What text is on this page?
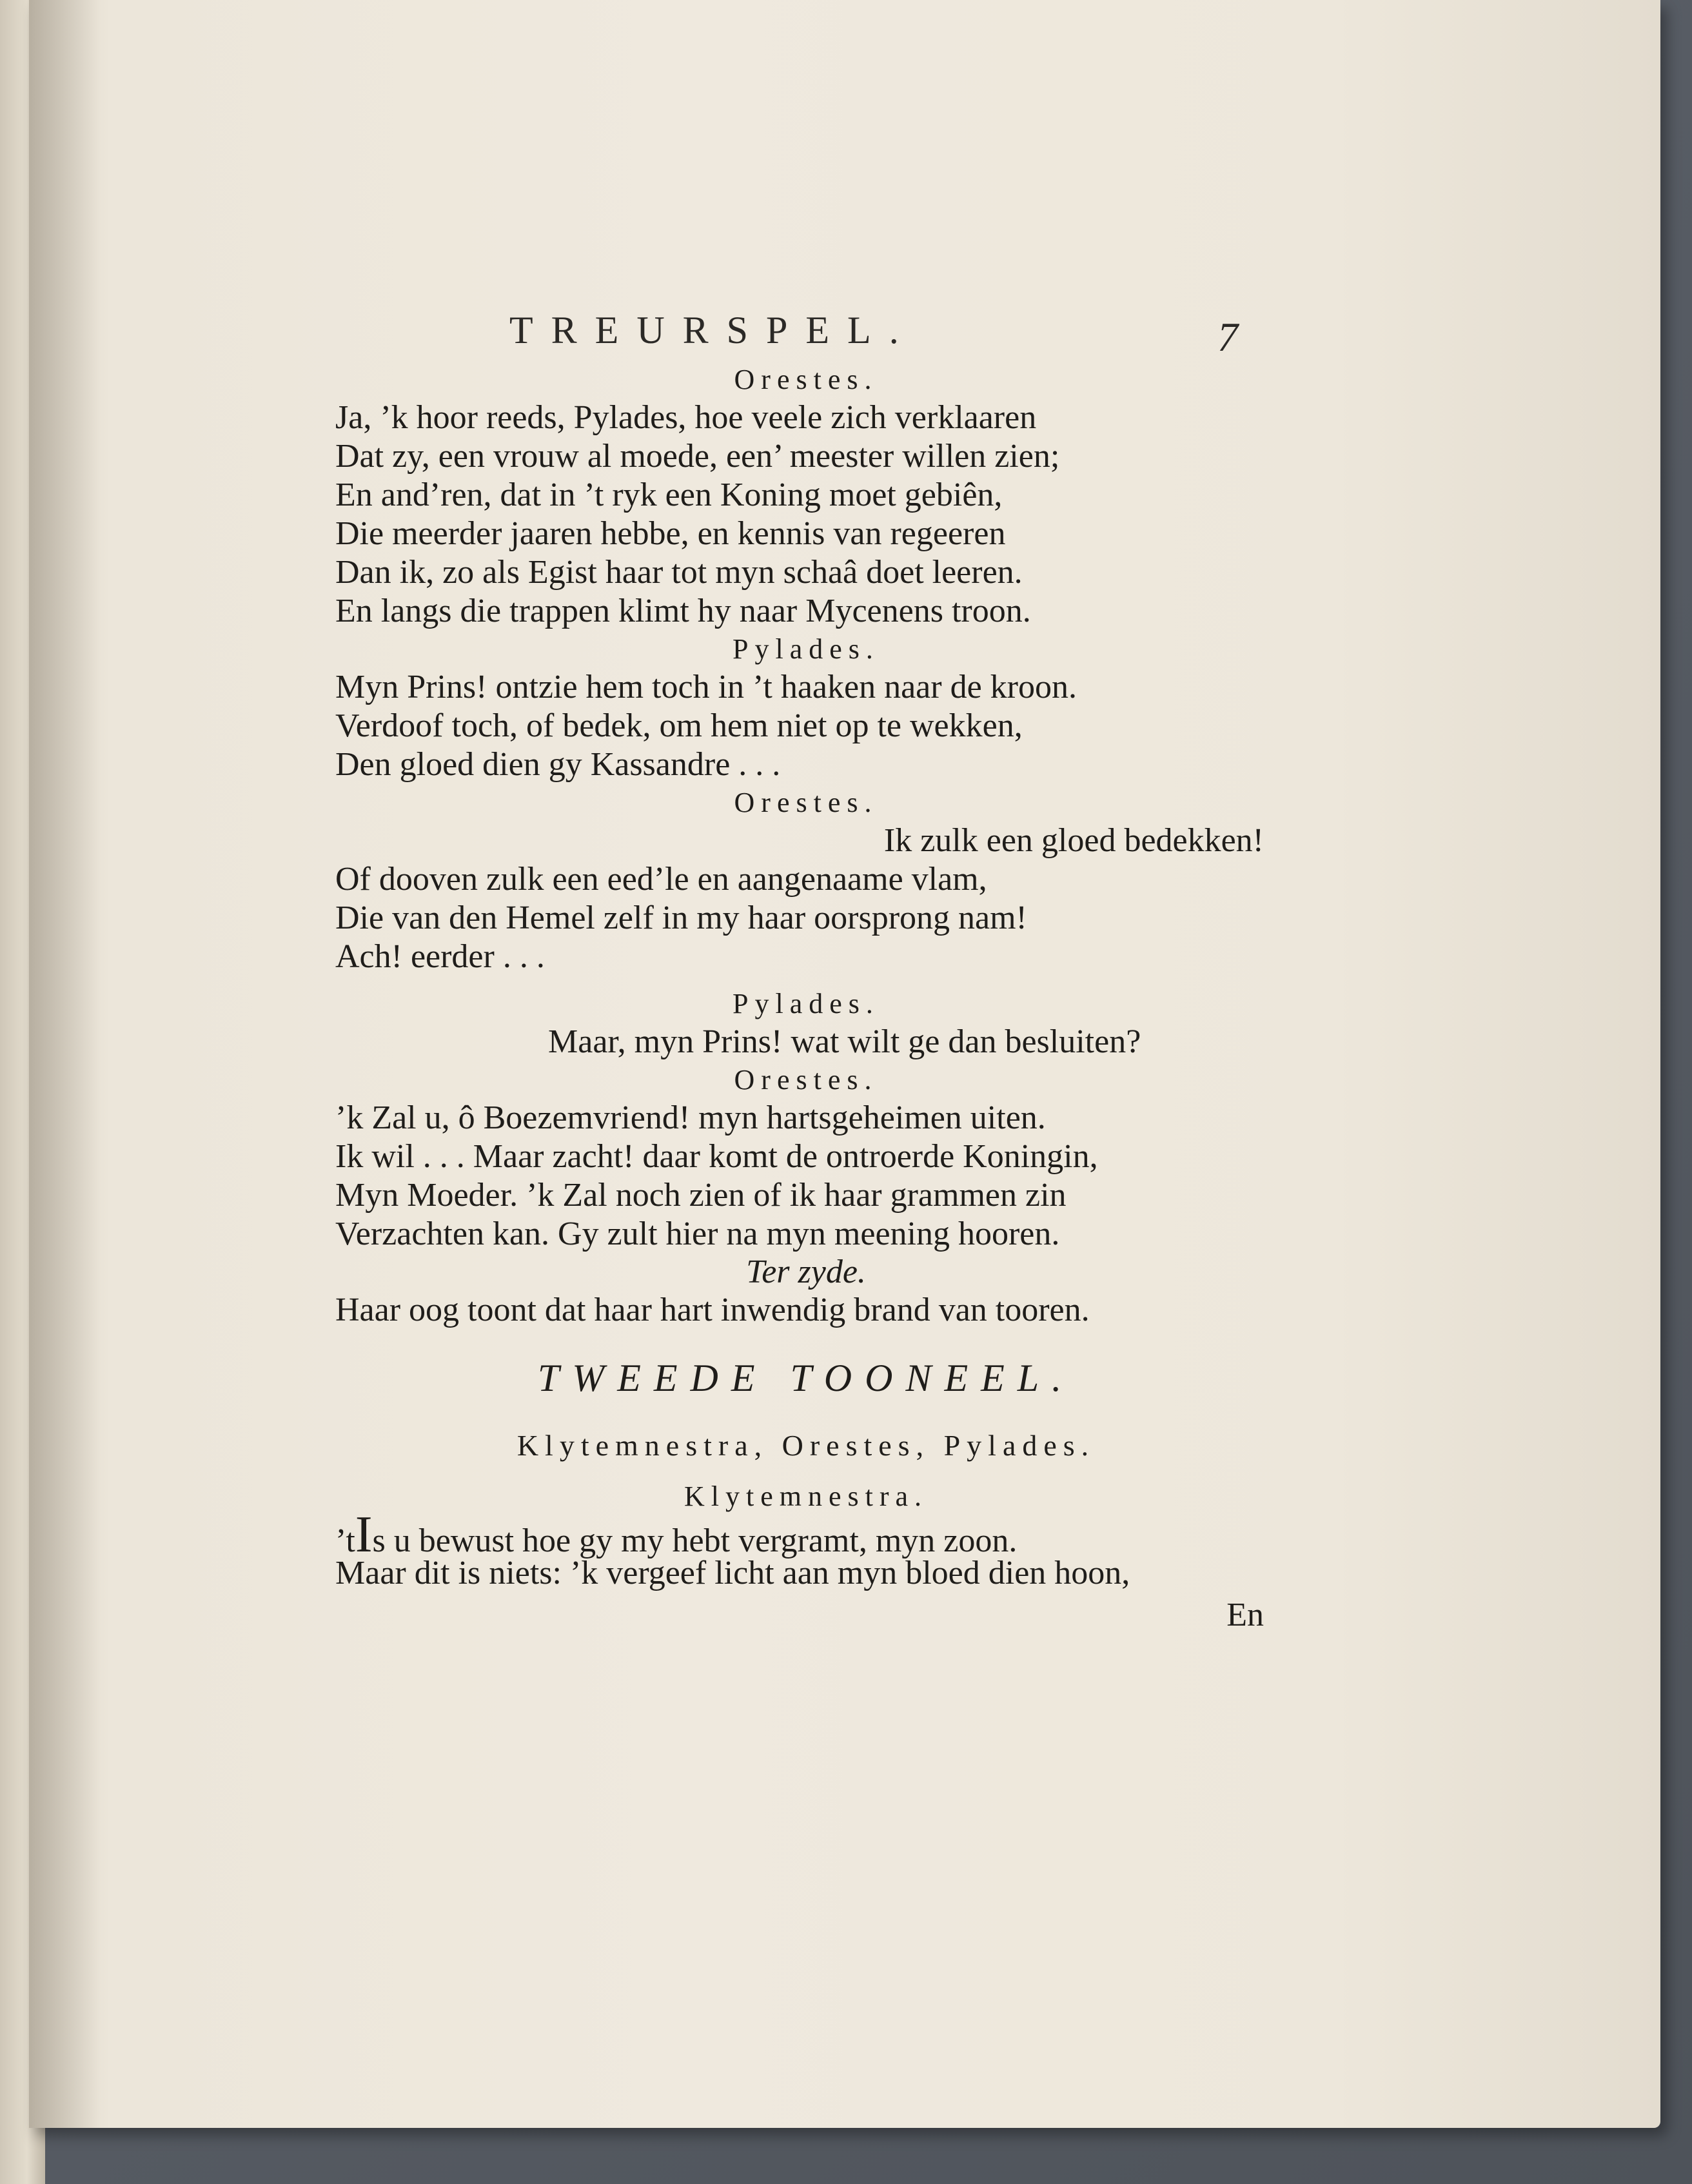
TREURSPEL.	7
Orestes.
Ja, ’k hoor reeds, Pylades, hoe veele zich verklaaren
Dat zy, een vrouw al moede, een’ meester willen zien;
En and’ren, dat in ’t ryk een Koning moet gebiên,
Die meerder jaaren hebbe, en kennis van regeeren
Dan ik, zo als Egist haar tot myn schaâ doet leeren.
En langs die trappen klimt hy naar Mycenens troon.
Pylades.
Myn Prins! ontzie hem toch in ’t haaken naar de kroon.
Verdoof toch, of bedek, om hem niet op te wekken,
Den gloed dien gy Kassandre . . .
Orestes.
Ik zulk een gloed bedekken!
Of dooven zulk een eed’le en aangenaame vlam,
Die van den Hemel zelf in my haar oorsprong nam!
Ach! eerder . . .
Pylades.
Maar, myn Prins! wat wilt ge dan besluiten?
Orestes.
’k Zal u, ô Boezemvriend! myn hartsgeheimen uiten.
Ik wil . . . Maar zacht! daar komt de ontroerde Koningin,
Myn Moeder. ’k Zal noch zien of ik haar grammen zin
Verzachten kan. Gy zult hier na myn meening hooren.
Ter zyde.
Haar oog toont dat haar hart inwendig brand van tooren.
TWEEDE TOONEEL.
Klytemnestra, Orestes, Pylades.
Klytemnestra.
’tIs u bewust hoe gy my hebt vergramt, myn zoon.
Maar dit is niets: ’k vergeef licht aan myn bloed dien hoon,
En
